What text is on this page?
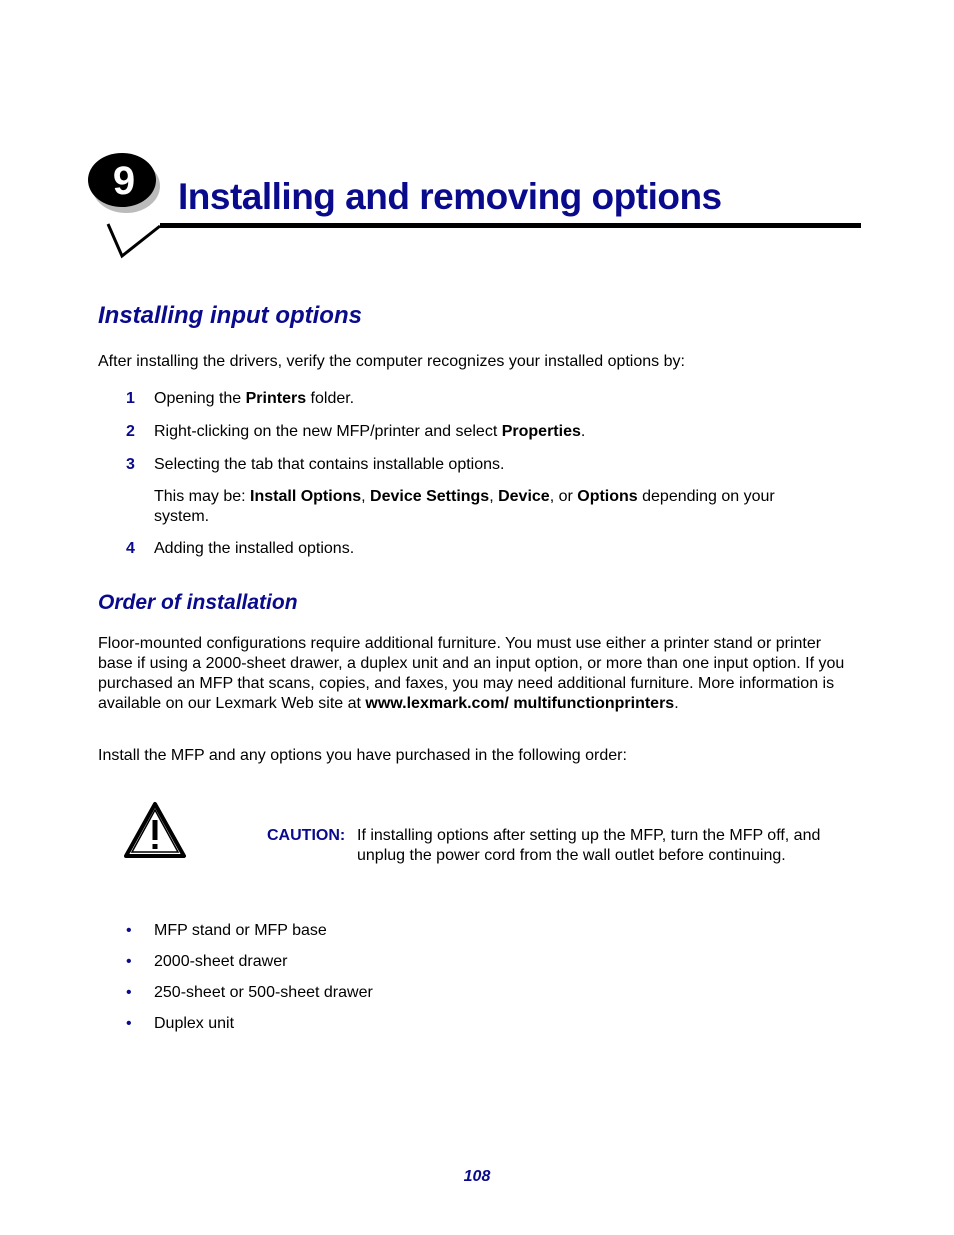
9 Installing and removing options
Installing input options

After installing the drivers, verify the computer recognizes your installed options by:

1 Opening the Printers folder.

2 Right-clicking on the new MFP/printer and select Properties.

3 Selecting the tab that contains installable options.

This may be: Install Options, Device Settings, Device, or Options depending on your system.

4 Adding the installed options.

Order of installation

Floor-mounted configurations require additional furniture. You must use either a printer stand or printer base if using a 2000-sheet drawer, a duplex unit and an input option, or more than one input option. If you purchased an MFP that scans, copies, and faxes, you may need additional furniture. More information is available on our Lexmark Web site at www.lexmark.com/ multifunctionprinters.

Install the MFP and any options you have purchased in the following order:

CAUTION: If installing options after setting up the MFP, turn the MFP off, and unplug the power cord from the wall outlet before continuing.

• MFP stand or MFP base

• 2000-sheet drawer

• 250-sheet or 500-sheet drawer

• Duplex unit

108
